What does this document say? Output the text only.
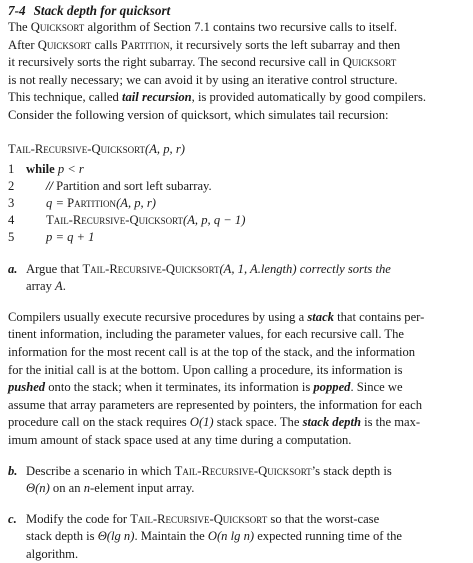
7-4 Stack depth for quicksort
The Quicksort algorithm of Section 7.1 contains two recursive calls to itself.
After Quicksort calls Partition, it recursively sorts the left subarray and then
it recursively sorts the right subarray. The second recursive call in Quicksort
is not really necessary; we can avoid it by using an iterative control structure.
This technique, called tail recursion, is provided automatically by good compilers.
Consider the following version of quicksort, which simulates tail recursion:
Tail-Recursive-Quicksort(A, p, r)
1 while p < r
2	// Partition and sort left subarray.
3	q = Partition(A, p, r)
4	Tail-Recursive-Quicksort(A, p, q − 1)
5	p = q + 1
a. Argue that Tail-Recursive-Quicksort(A, 1, A.length) correctly sorts the
array A.
Compilers usually execute recursive procedures by using a stack that contains per-
tinent information, including the parameter values, for each recursive call. The
information for the most recent call is at the top of the stack, and the information
for the initial call is at the bottom. Upon calling a procedure, its information is
pushed onto the stack; when it terminates, its information is popped. Since we
assume that array parameters are represented by pointers, the information for each
procedure call on the stack requires O(1) stack space. The stack depth is the max-
imum amount of stack space used at any time during a computation.
b. Describe a scenario in which Tail-Recursive-Quicksort’s stack depth is
Θ(n) on an n-element input array.
c. Modify the code for Tail-Recursive-Quicksort so that the worst-case
stack depth is Θ(lg n). Maintain the O(n lg n) expected running time of the
algorithm.
